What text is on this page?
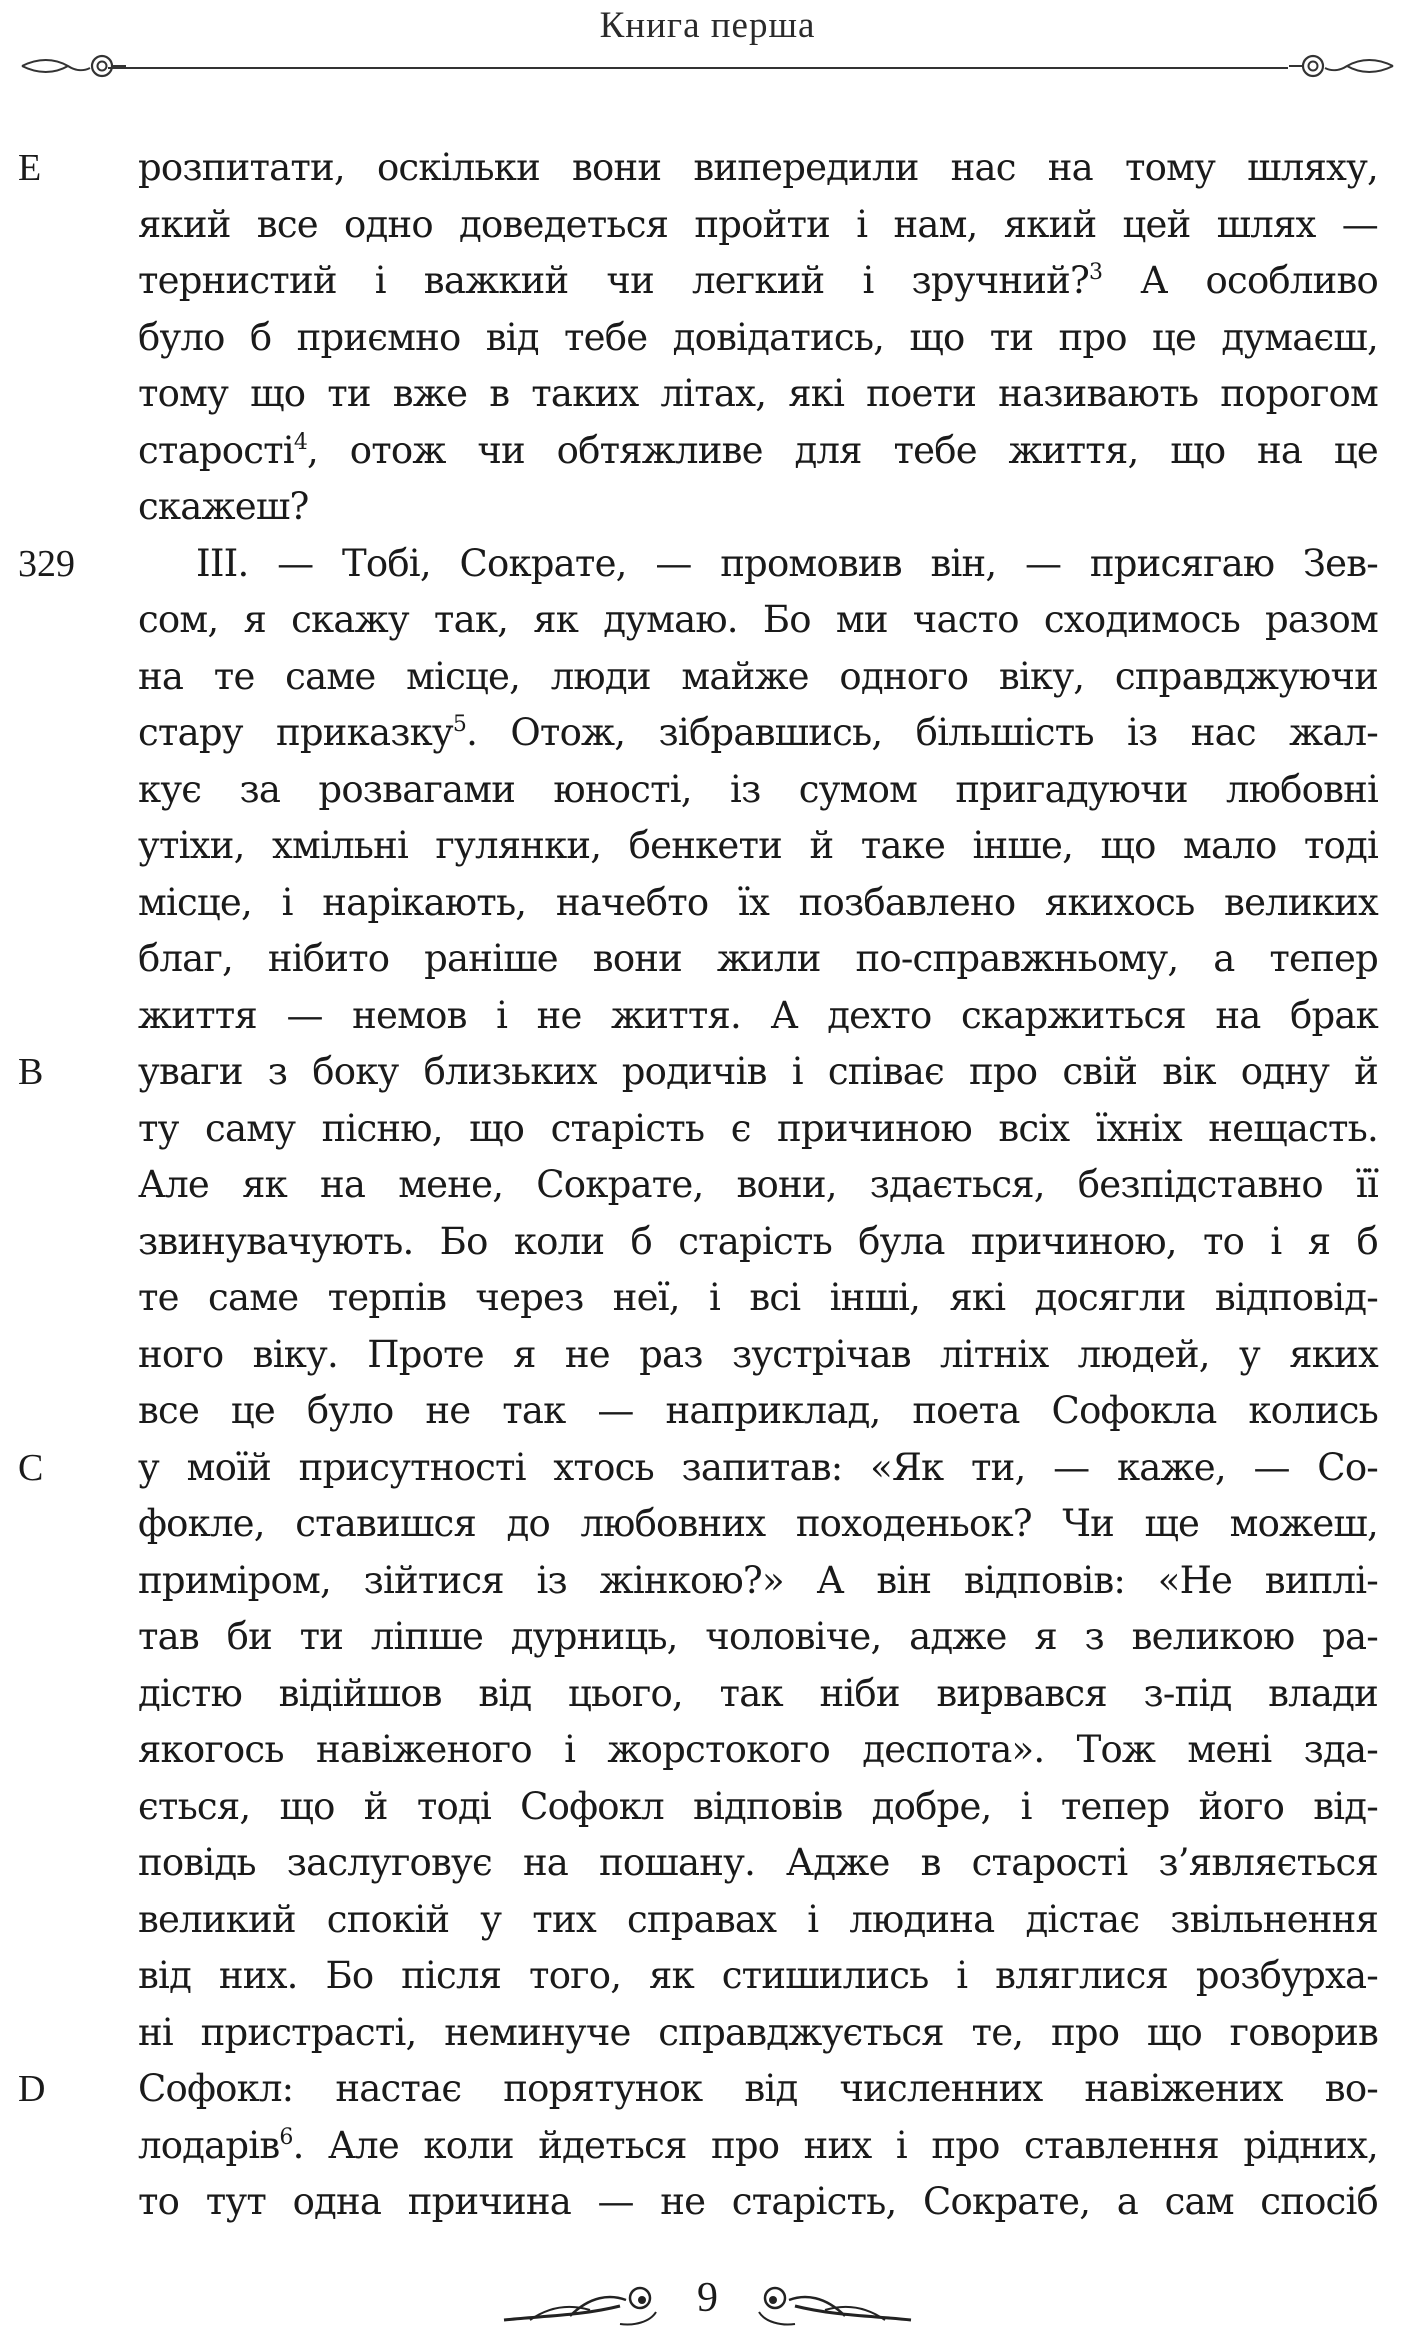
Книга перша
E	розпитати, оскільки вони випередили нас на тому шляху,
який все одно доведеться пройти і нам, який цей шлях —
тернистий і важкий чи легкий і зручний?$^3$ А особливо
було б приємно від тебе довідатись, що ти про це думаєш,
тому що ти вже в таких літах, які поети називають порогом
старості$^4$, отож чи обтяжливе для тебе життя, що на це
скажеш?
329	ІІІ. — Тобі, Сократе, — промовив він, — присягаю Зев-
сом, я скажу так, як думаю. Бо ми часто сходимось разом
на те саме місце, люди майже одного віку, справджуючи
стару приказку$^5$. Отож, зібравшись, більшість із нас жал-
кує за розвагами юності, із сумом пригадуючи любовні
утіхи, хмільні гулянки, бенкети й таке інше, що мало тоді
місце, і нарікають, начебто їх позбавлено якихось великих
благ, нібито раніше вони жили по-справжньому, а тепер
життя — немов і не життя. А дехто скаржиться на брак
B	уваги з боку близьких родичів і співає про свій вік одну й
ту саму пісню, що старість є причиною всіх їхніх нещасть.
Але як на мене, Сократе, вони, здається, безпідставно її
звинувачують. Бо коли б старість була причиною, то і я б
те саме терпів через неї, і всі інші, які досягли відповід-
ного віку. Проте я не раз зустрічав літніх людей, у яких
все це було не так — наприклад, поета Софокла колись
C	у моїй присутності хтось запитав: «Як ти, — каже, — Со-
фокле, ставишся до любовних походеньок? Чи ще можеш,
приміром, зійтися із жінкою?» А він відповів: «Не виплі-
тав би ти ліпше дурниць, чоловіче, адже я з великою ра-
дістю відійшов від цього, так ніби вирвався з-під влади
якогось навіженого і жорстокого деспота». Тож мені зда-
ється, що й тоді Софокл відповів добре, і тепер його від-
повідь заслуговує на пошану. Адже в старості з’являється
великий спокій у тих справах і людина дістає звільнення
від них. Бо після того, як стишились і вляглися розбурха-
ні пристрасті, неминуче справджується те, про що говорив
D	Софокл: настає порятунок від численних навіжених во-
лодарів$^6$. Але коли йдеться про них і про ставлення рідних,
то тут одна причина — не старість, Сократе, а сам спосіб
9
